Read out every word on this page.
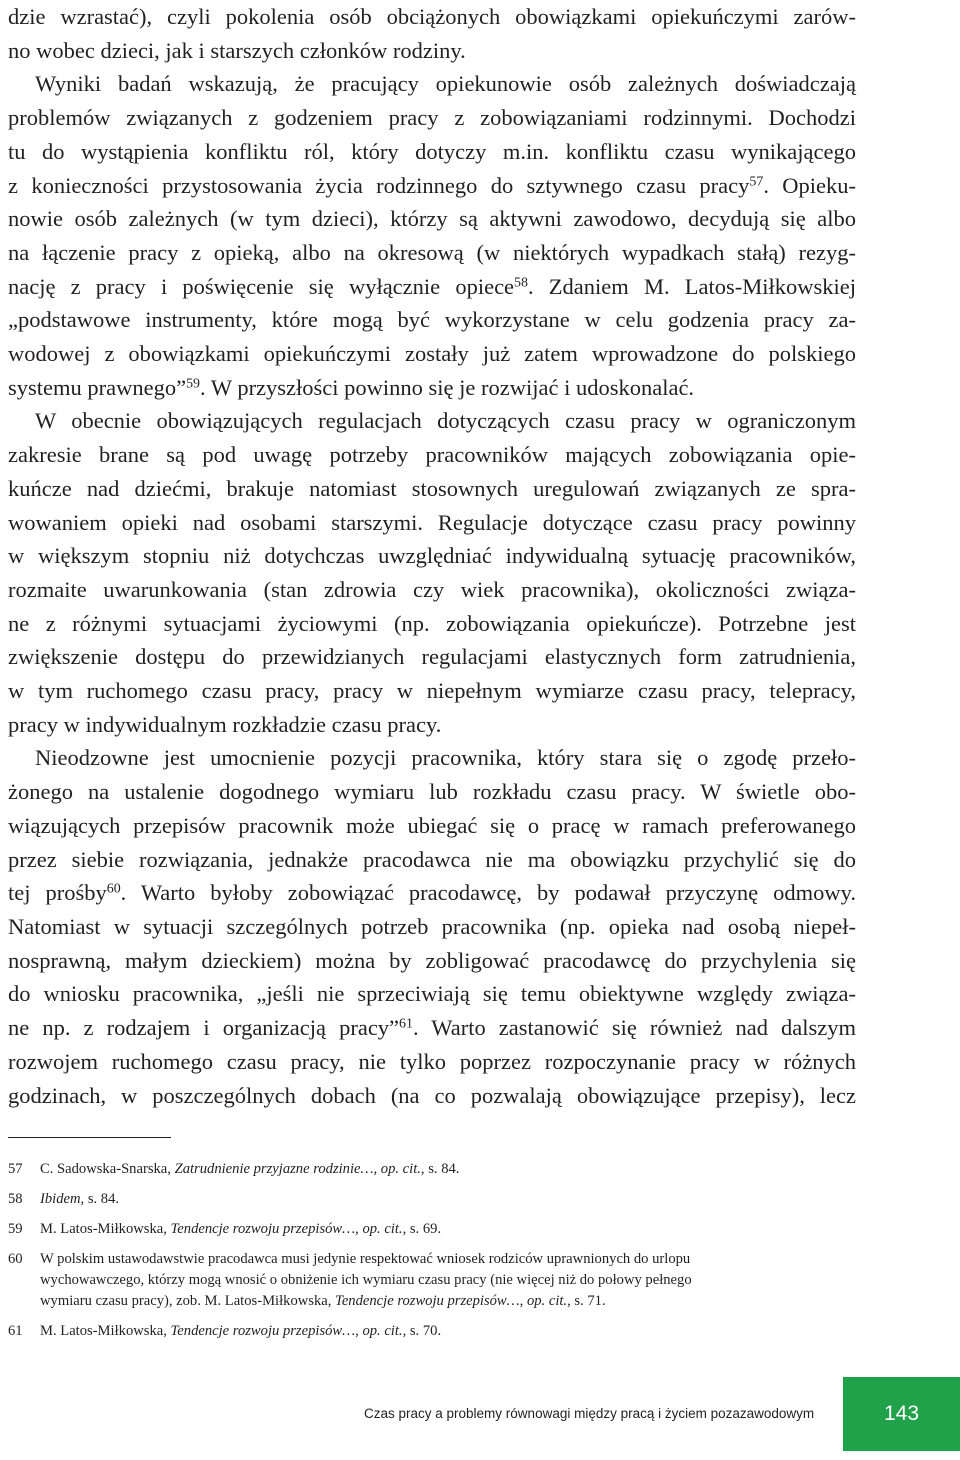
dzie wzrastać), czyli pokolenia osób obciążonych obowiązkami opiekuńczymi zarów-
no wobec dzieci, jak i starszych członków rodziny.
Wyniki badań wskazują, że pracujący opiekunowie osób zależnych doświadczają
problemów związanych z godzeniem pracy z zobowiązaniami rodzinnymi. Dochodzi
tu do wystąpienia konfliktu ról, który dotyczy m.in. konfliktu czasu wynikającego
z konieczności przystosowania życia rodzinnego do sztywnego czasu pracy$^{57}$. Opieku-
nowie osób zależnych (w tym dzieci), którzy są aktywni zawodowo, decydują się albo
na łączenie pracy z opieką, albo na okresową (w niektórych wypadkach stałą) rezyg-
nację z pracy i poświęcenie się wyłącznie opiece$^{58}$. Zdaniem M. Latos-Miłkowskiej
„podstawowe instrumenty, które mogą być wykorzystane w celu godzenia pracy za-
wodowej z obowiązkami opiekuńczymi zostały już zatem wprowadzone do polskiego
systemu prawnego”$^{59}$. W przyszłości powinno się je rozwijać i udoskonalać.
W obecnie obowiązujących regulacjach dotyczących czasu pracy w ograniczonym
zakresie brane są pod uwagę potrzeby pracowników mających zobowiązania opie-
kuńcze nad dziećmi, brakuje natomiast stosownych uregulowań związanych ze spra-
wowaniem opieki nad osobami starszymi. Regulacje dotyczące czasu pracy powinny
w większym stopniu niż dotychczas uwzględniać indywidualną sytuację pracowników,
rozmaite uwarunkowania (stan zdrowia czy wiek pracownika), okoliczności związa-
ne z różnymi sytuacjami życiowymi (np. zobowiązania opiekuńcze). Potrzebne jest
zwiększenie dostępu do przewidzianych regulacjami elastycznych form zatrudnienia,
w tym ruchomego czasu pracy, pracy w niepełnym wymiarze czasu pracy, telepracy,
pracy w indywidualnym rozkładzie czasu pracy.
Nieodzowne jest umocnienie pozycji pracownika, który stara się o zgodę przeło-
żonego na ustalenie dogodnego wymiaru lub rozkładu czasu pracy. W świetle obo-
wiązujących przepisów pracownik może ubiegać się o pracę w ramach preferowanego
przez siebie rozwiązania, jednakże pracodawca nie ma obowiązku przychylić się do
tej prośby$^{60}$. Warto byłoby zobowiązać pracodawcę, by podawał przyczynę odmowy.
Natomiast w sytuacji szczególnych potrzeb pracownika (np. opieka nad osobą niepeł-
nosprawną, małym dzieckiem) można by zobligować pracodawcę do przychylenia się
do wniosku pracownika, „jeśli nie sprzeciwiają się temu obiektywne względy związa-
ne np. z rodzajem i organizacją pracy”$^{61}$. Warto zastanowić się również nad dalszym
rozwojem ruchomego czasu pracy, nie tylko poprzez rozpoczynanie pracy w różnych
godzinach, w poszczególnych dobach (na co pozwalają obowiązujące przepisy), lecz
57 C. Sadowska-Snarska, Zatrudnienie przyjazne rodzinie…, op. cit., s. 84.
58 Ibidem, s. 84.
59 M. Latos-Miłkowska, Tendencje rozwoju przepisów…, op. cit., s. 69.
60 W polskim ustawodawstwie pracodawca musi jedynie respektować wniosek rodziców uprawnionych do urlopu
wychowawczego, którzy mogą wnosić o obniżenie ich wymiaru czasu pracy (nie więcej niż do połowy pełnego
wymiaru czasu pracy), zob. M. Latos-Miłkowska, Tendencje rozwoju przepisów…, op. cit., s. 71.
61 M. Latos-Miłkowska, Tendencje rozwoju przepisów…, op. cit., s. 70.
Czas pracy a problemy równowagi między pracą i życiem pozazawodowym	143
